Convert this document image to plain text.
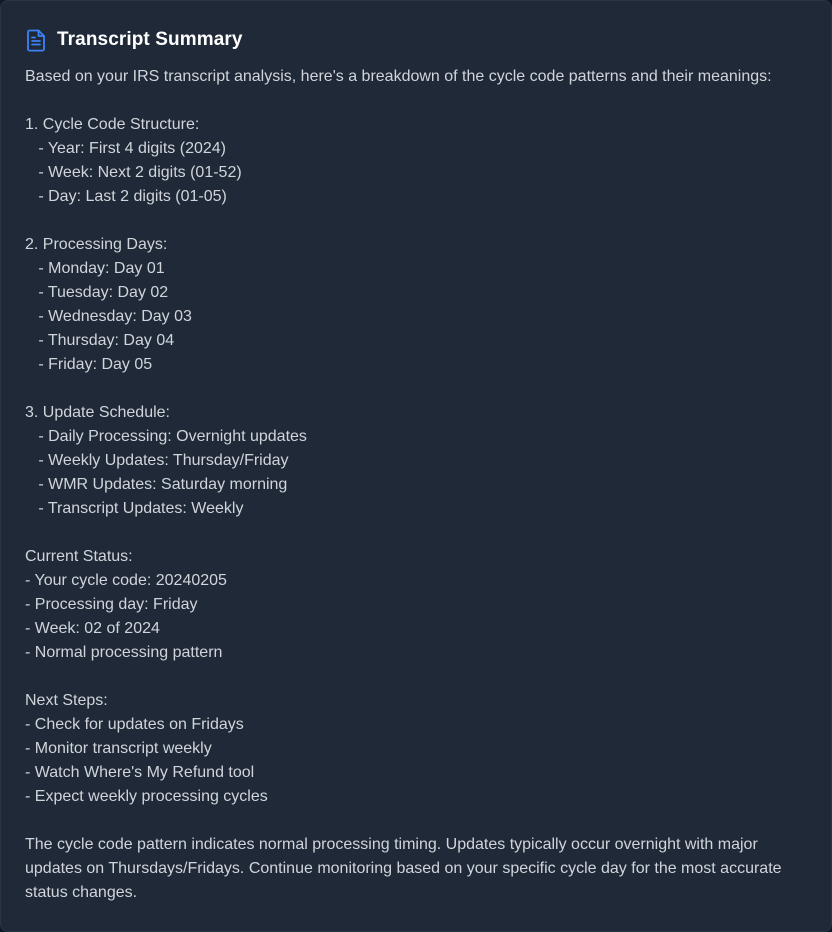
Transcript Summary
Based on your IRS transcript analysis, here's a breakdown of the cycle code patterns and their meanings:

1. Cycle Code Structure:
- Year: First 4 digits (2024)
- Week: Next 2 digits (01-52)
- Day: Last 2 digits (01-05)

2. Processing Days:
- Monday: Day 01
- Tuesday: Day 02
- Wednesday: Day 03
- Thursday: Day 04
- Friday: Day 05

3. Update Schedule:
- Daily Processing: Overnight updates
- Weekly Updates: Thursday/Friday
- WMR Updates: Saturday morning
- Transcript Updates: Weekly

Current Status:
- Your cycle code: 20240205
- Processing day: Friday
- Week: 02 of 2024
- Normal processing pattern

Next Steps:
- Check for updates on Fridays
- Monitor transcript weekly
- Watch Where's My Refund tool
- Expect weekly processing cycles

The cycle code pattern indicates normal processing timing. Updates typically occur overnight with major updates on Thursdays/Fridays. Continue monitoring based on your specific cycle day for the most accurate status changes.
